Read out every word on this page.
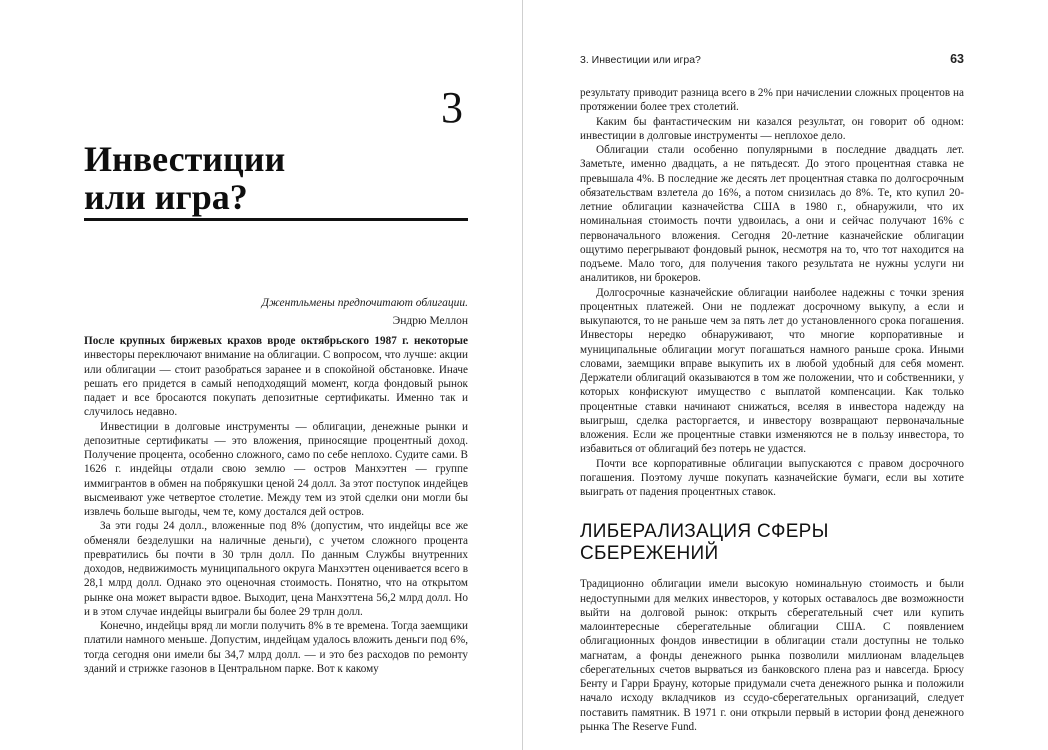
3
Инвестиции
или игра?
Джентльмены предпочитают облигации.
Эндрю Меллон

После крупных биржевых крахов вроде октябрьского 1987 г. некоторые инвесторы переключают внимание на облигации. С вопросом, что лучше: акции или облигации — стоит разобраться заранее и в спокойной обстановке. Иначе решать его придется в самый неподходящий момент, когда фондовый рынок падает и все бросаются покупать депозитные сертификаты. Именно так и случилось недавно.

Инвестиции в долговые инструменты — облигации, денежные рынки и депозитные сертификаты — это вложения, приносящие процентный доход. Получение процента, особенно сложного, само по себе неплохо. Судите сами. В 1626 г. индейцы отдали свою землю — остров Манхэттен — группе иммигрантов в обмен на побрякушки ценой 24 долл. За этот поступок индейцев высмеивают уже четвертое столетие. Между тем из этой сделки они могли бы извлечь больше выгоды, чем те, кому достался дей остров.

За эти годы 24 долл., вложенные под 8% (допустим, что индейцы все же обменяли безделушки на наличные деньги), с учетом сложного процента превратились бы почти в 30 трлн долл. По данным Службы внутренних доходов, недвижимость муниципального округа Манхэттен оценивается всего в 28,1 млрд долл. Однако это оценочная стоимость. Понятно, что на открытом рынке она может вырасти вдвое. Выходит, цена Манхэттена 56,2 млрд долл. Но и в этом случае индейцы выиграли бы более 29 трлн долл.

Конечно, индейцы вряд ли могли получить 8% в те времена. Тогда заемщики платили намного меньше. Допустим, индейцам удалось вложить деньги под 6%, тогда сегодня они имели бы 34,7 млрд долл. — и это без расходов по ремонту зданий и стрижке газонов в Центральном парке. Вот к какому

3. Инвестиции или игра?	63

результату приводит разница всего в 2% при начислении сложных процентов на протяжении более трех столетий.

Каким бы фантастическим ни казался результат, он говорит об одном: инвестиции в долговые инструменты — неплохое дело.

Облигации стали особенно популярными в последние двадцать лет. Заметьте, именно двадцать, а не пятьдесят. До этого процентная ставка не превышала 4%. В последние же десять лет процентная ставка по долгосрочным обязательствам взлетела до 16%, а потом снизилась до 8%. Те, кто купил 20-летние облигации казначейства США в 1980 г., обнаружили, что их номинальная стоимость почти удвоилась, а они и сейчас получают 16% с первоначального вложения. Сегодня 20-летние казначейские облигации ощутимо перегрывают фондовый рынок, несмотря на то, что тот находится на подъеме. Мало того, для получения такого результата не нужны услуги ни аналитиков, ни брокеров.

Долгосрочные казначейские облигации наиболее надежны с точки зрения процентных платежей. Они не подлежат досрочному выкупу, а если и выкупаются, то не раньше чем за пять лет до установленного срока погашения. Инвесторы нередко обнаруживают, что многие корпоративные и муниципальные облигации могут погашаться намного раньше срока. Иными словами, заемщики вправе выкупить их в любой удобный для себя момент. Держатели облигаций оказываются в том же положении, что и собственники, у которых конфискуют имущество с выплатой компенсации. Как только процентные ставки начинают снижаться, вселяя в инвестора надежду на выигрыш, сделка расторгается, и инвестору возвращают первоначальные вложения. Если же процентные ставки изменяются не в пользу инвестора, то избавиться от облигаций без потерь не удастся.

Почти все корпоративные облигации выпускаются с правом досрочного погашения. Поэтому лучше покупать казначейские бумаги, если вы хотите выиграть от падения процентных ставок.

ЛИБЕРАЛИЗАЦИЯ СФЕРЫ СБЕРЕЖЕНИЙ

Традиционно облигации имели высокую номинальную стоимость и были недоступными для мелких инвесторов, у которых оставалось две возможности выйти на долговой рынок: открыть сберегательный счет или купить малоинтересные сберегательные облигации США. С появлением облигационных фондов инвестиции в облигации стали доступны не только магнатам, а фонды денежного рынка позволили миллионам владельцев сберегательных счетов вырваться из банковского плена раз и навсегда. Брюсу Бенту и Гарри Брауну, которые придумали счета денежного рынка и положили начало исходу вкладчиков из ссудо-сберегательных организаций, следует поставить памятник. В 1971 г. они открыли первый в истории фонд денежного рынка The Reserve Fund.
